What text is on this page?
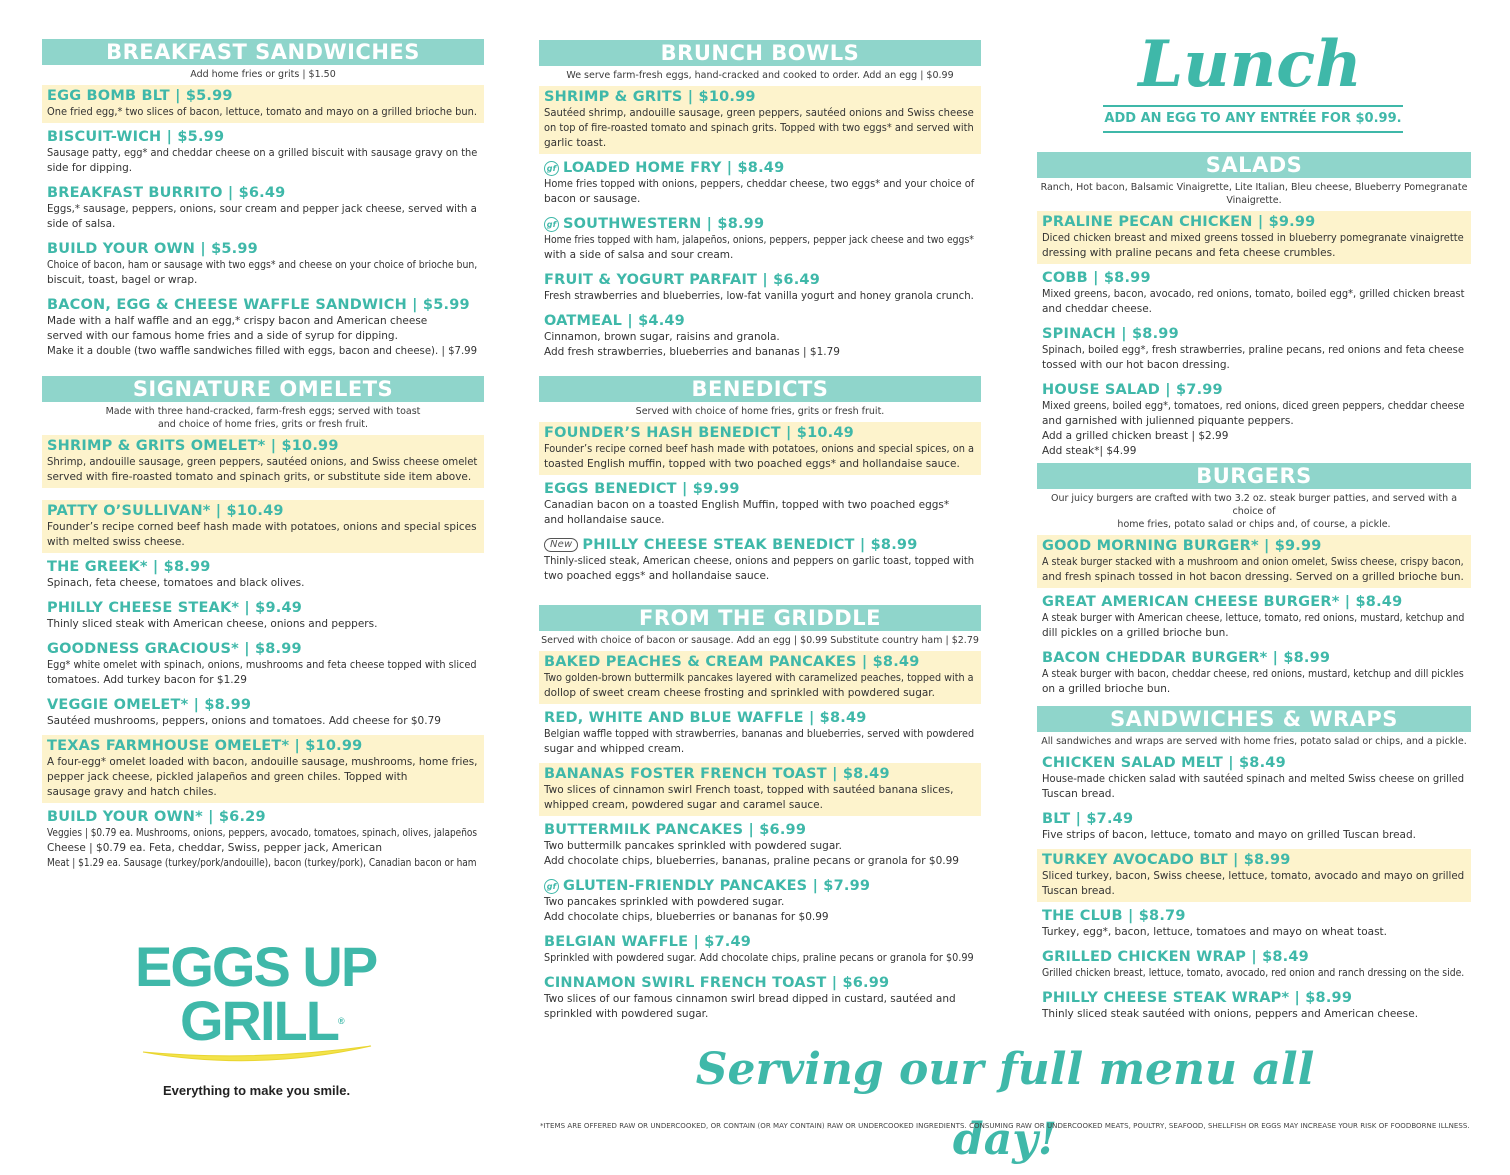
BREAKFAST SANDWICHES
Add home fries or grits | $1.50
EGG BOMB BLT | $5.99
One fried egg,* two slices of bacon, lettuce, tomato and mayo on a grilled brioche bun.
BISCUIT-WICH | $5.99
Sausage patty, egg* and cheddar cheese on a grilled biscuit with sausage gravy on the
side for dipping.
BREAKFAST BURRITO | $6.49
Eggs,* sausage, peppers, onions, sour cream and pepper jack cheese, served with a
side of salsa.
BUILD YOUR OWN | $5.99
Choice of bacon, ham or sausage with two eggs* and cheese on your choice of brioche bun,
biscuit, toast, bagel or wrap.
BACON, EGG & CHEESE WAFFLE SANDWICH | $5.99
Made with a half waffle and an egg,* crispy bacon and American cheese
served with our famous home fries and a side of syrup for dipping.
Make it a double (two waffle sandwiches filled with eggs, bacon and cheese). | $7.99
SIGNATURE OMELETS
Made with three hand-cracked, farm-fresh eggs; served with toast
and choice of home fries, grits or fresh fruit.
SHRIMP & GRITS OMELET* | $10.99
Shrimp, andouille sausage, green peppers, sautéed onions, and Swiss cheese omelet
served with fire-roasted tomato and spinach grits, or substitute side item above.
PATTY O’SULLIVAN* | $10.49
Founder’s recipe corned beef hash made with potatoes, onions and special spices
with melted swiss cheese.
THE GREEK* | $8.99
Spinach, feta cheese, tomatoes and black olives.
PHILLY CHEESE STEAK* | $9.49
Thinly sliced steak with American cheese, onions and peppers.
GOODNESS GRACIOUS* | $8.99
Egg* white omelet with spinach, onions, mushrooms and feta cheese topped with sliced
tomatoes. Add turkey bacon for $1.29
VEGGIE OMELET* | $8.99
Sautéed mushrooms, peppers, onions and tomatoes. Add cheese for $0.79
TEXAS FARMHOUSE OMELET* | $10.99
A four-egg* omelet loaded with bacon, andouille sausage, mushrooms, home fries,
pepper jack cheese, pickled jalapeños and green chiles. Topped with
sausage gravy and hatch chiles.
BUILD YOUR OWN* | $6.29
Veggies | $0.79 ea. Mushrooms, onions, peppers, avocado, tomatoes, spinach, olives, jalapeños
Cheese | $0.79 ea. Feta, cheddar, Swiss, pepper jack, American
Meat | $1.29 ea. Sausage (turkey/pork/andouille), bacon (turkey/pork), Canadian bacon or ham
BRUNCH BOWLS
We serve farm-fresh eggs, hand-cracked and cooked to order. Add an egg | $0.99
SHRIMP & GRITS | $10.99
Sautéed shrimp, andouille sausage, green peppers, sautéed onions and Swiss cheese
on top of fire-roasted tomato and spinach grits. Topped with two eggs* and served with
garlic toast.
gf LOADED HOME FRY | $8.49
Home fries topped with onions, peppers, cheddar cheese, two eggs* and your choice of
bacon or sausage.
gf SOUTHWESTERN | $8.99
Home fries topped with ham, jalapeños, onions, peppers, pepper jack cheese and two eggs*
with a side of salsa and sour cream.
FRUIT & YOGURT PARFAIT | $6.49
Fresh strawberries and blueberries, low-fat vanilla yogurt and honey granola crunch.
OATMEAL | $4.49
Cinnamon, brown sugar, raisins and granola.
Add fresh strawberries, blueberries and bananas | $1.79
BENEDICTS
Served with choice of home fries, grits or fresh fruit.
FOUNDER’S HASH BENEDICT | $10.49
Founder’s recipe corned beef hash made with potatoes, onions and special spices, on a
toasted English muffin, topped with two poached eggs* and hollandaise sauce.
EGGS BENEDICT | $9.99
Canadian bacon on a toasted English Muffin, topped with two poached eggs*
and hollandaise sauce.
New PHILLY CHEESE STEAK BENEDICT | $8.99
Thinly-sliced steak, American cheese, onions and peppers on garlic toast, topped with
two poached eggs* and hollandaise sauce.
FROM THE GRIDDLE
Served with choice of bacon or sausage. Add an egg | $0.99 Substitute country ham | $2.79
BAKED PEACHES & CREAM PANCAKES | $8.49
Two golden-brown buttermilk pancakes layered with caramelized peaches, topped with a
dollop of sweet cream cheese frosting and sprinkled with powdered sugar.
RED, WHITE AND BLUE WAFFLE | $8.49
Belgian waffle topped with strawberries, bananas and blueberries, served with powdered
sugar and whipped cream.
BANANAS FOSTER FRENCH TOAST | $8.49
Two slices of cinnamon swirl French toast, topped with sautéed banana slices,
whipped cream, powdered sugar and caramel sauce.
BUTTERMILK PANCAKES | $6.99
Two buttermilk pancakes sprinkled with powdered sugar.
Add chocolate chips, blueberries, bananas, praline pecans or granola for $0.99
gf GLUTEN-FRIENDLY PANCAKES | $7.99
Two pancakes sprinkled with powdered sugar.
Add chocolate chips, blueberries or bananas for $0.99
BELGIAN WAFFLE | $7.49
Sprinkled with powdered sugar. Add chocolate chips, praline pecans or granola for $0.99
CINNAMON SWIRL FRENCH TOAST | $6.99
Two slices of our famous cinnamon swirl bread dipped in custard, sautéed and
sprinkled with powdered sugar.
SALADS
Ranch, Hot bacon, Balsamic Vinaigrette, Lite Italian, Bleu cheese, Blueberry Pomegranate Vinaigrette.
PRALINE PECAN CHICKEN | $9.99
Diced chicken breast and mixed greens tossed in blueberry pomegranate vinaigrette
dressing with praline pecans and feta cheese crumbles.
COBB | $8.99
Mixed greens, bacon, avocado, red onions, tomato, boiled egg*, grilled chicken breast
and cheddar cheese.
SPINACH | $8.99
Spinach, boiled egg*, fresh strawberries, praline pecans, red onions and feta cheese
tossed with our hot bacon dressing.
HOUSE SALAD | $7.99
Mixed greens, boiled egg*, tomatoes, red onions, diced green peppers, cheddar cheese
and garnished with julienned piquante peppers.
Add a grilled chicken breast | $2.99
Add steak*| $4.99
BURGERS
Our juicy burgers are crafted with two 3.2 oz. steak burger patties, and served with a choice of
home fries, potato salad or chips and, of course, a pickle.
GOOD MORNING BURGER* | $9.99
A steak burger stacked with a mushroom and onion omelet, Swiss cheese, crispy bacon,
and fresh spinach tossed in hot bacon dressing. Served on a grilled brioche bun.
GREAT AMERICAN CHEESE BURGER* | $8.49
A steak burger with American cheese, lettuce, tomato, red onions, mustard, ketchup and
dill pickles on a grilled brioche bun.
BACON CHEDDAR BURGER* | $8.99
A steak burger with bacon, cheddar cheese, red onions, mustard, ketchup and dill pickles
on a grilled brioche bun.
SANDWICHES & WRAPS
All sandwiches and wraps are served with home fries, potato salad or chips, and a pickle.
CHICKEN SALAD MELT | $8.49
House-made chicken salad with sautéed spinach and melted Swiss cheese on grilled
Tuscan bread.
BLT | $7.49
Five strips of bacon, lettuce, tomato and mayo on grilled Tuscan bread.
TURKEY AVOCADO BLT | $8.99
Sliced turkey, bacon, Swiss cheese, lettuce, tomato, avocado and mayo on grilled
Tuscan bread.
THE CLUB | $8.79
Turkey, egg*, bacon, lettuce, tomatoes and mayo on wheat toast.
GRILLED CHICKEN WRAP | $8.49
Grilled chicken breast, lettuce, tomato, avocado, red onion and ranch dressing on the side.
PHILLY CHEESE STEAK WRAP* | $8.99
Thinly sliced steak sautéed with onions, peppers and American cheese.
Lunch
ADD AN EGG TO ANY ENTRÉE FOR $0.99.
EGGS UP
GRILL®
Everything to make you smile.	Serving our full menu all day!
*ITEMS ARE OFFERED RAW OR UNDERCOOKED, OR CONTAIN (OR MAY CONTAIN) RAW OR UNDERCOOKED INGREDIENTS. CONSUMING RAW OR UNDERCOOKED MEATS, POULTRY, SEAFOOD, SHELLFISH OR EGGS MAY INCREASE YOUR RISK OF FOODBORNE ILLNESS.
